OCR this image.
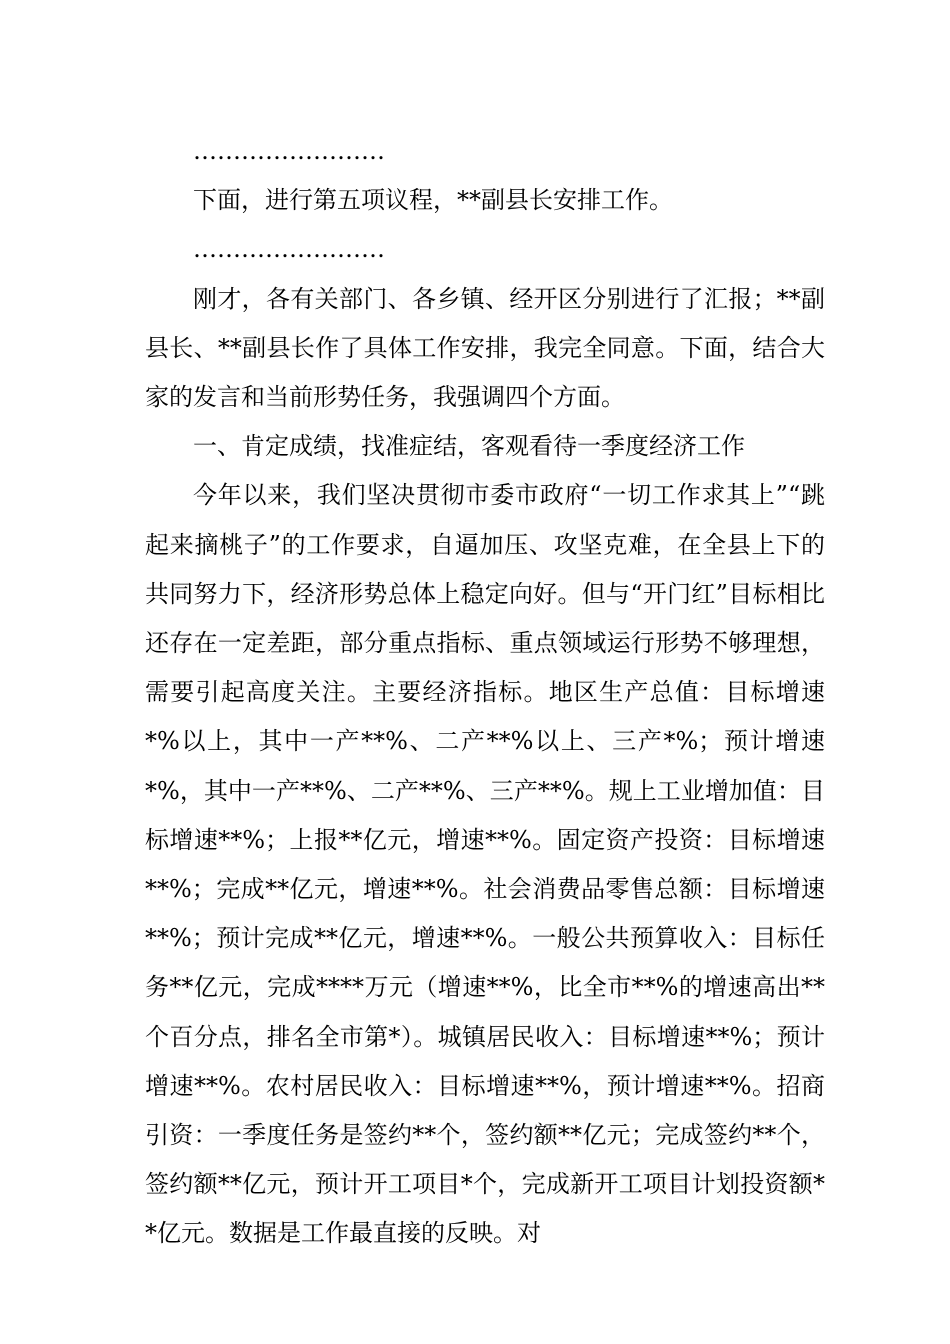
……………………

下面，进行第五项议程，**副县长安排工作。

……………………

刚才，各有关部门、各乡镇、经开区分别进行了汇报；**副县长、**副县长作了具体工作安排，我完全同意。下面，结合大家的发言和当前形势任务，我强调四个方面。

一、肯定成绩，找准症结，客观看待一季度经济工作

今年以来，我们坚决贯彻市委市政府“一切工作求其上”“跳起来摘桃子”的工作要求，自逼加压、攻坚克难，在全县上下的共同努力下，经济形势总体上稳定向好。但与“开门红”目标相比还存在一定差距，部分重点指标、重点领域运行形势不够理想，需要引起高度关注。主要经济指标。地区生产总值：目标增速*%以上，其中一产**%、二产**%以上、三产*%；预计增速*%，其中一产**%、二产**%、三产**%。规上工业增加值：目标增速**%；上报**亿元，增速**%。固定资产投资：目标增速**%；完成**亿元，增速**%。社会消费品零售总额：目标增速**%；预计完成**亿元，增速**%。一般公共预算收入：目标任务**亿元，完成****万元（增速**%，比全市**%的增速高出**个百分点，排名全市第*）。城镇居民收入：目标增速**%；预计增速**%。农村居民收入：目标增速**%，预计增速**%。招商引资：一季度任务是签约**个，签约额**亿元；完成签约**个，签约额**亿元，预计开工项目*个，完成新开工项目计划投资额**亿元。数据是工作最直接的反映。对
